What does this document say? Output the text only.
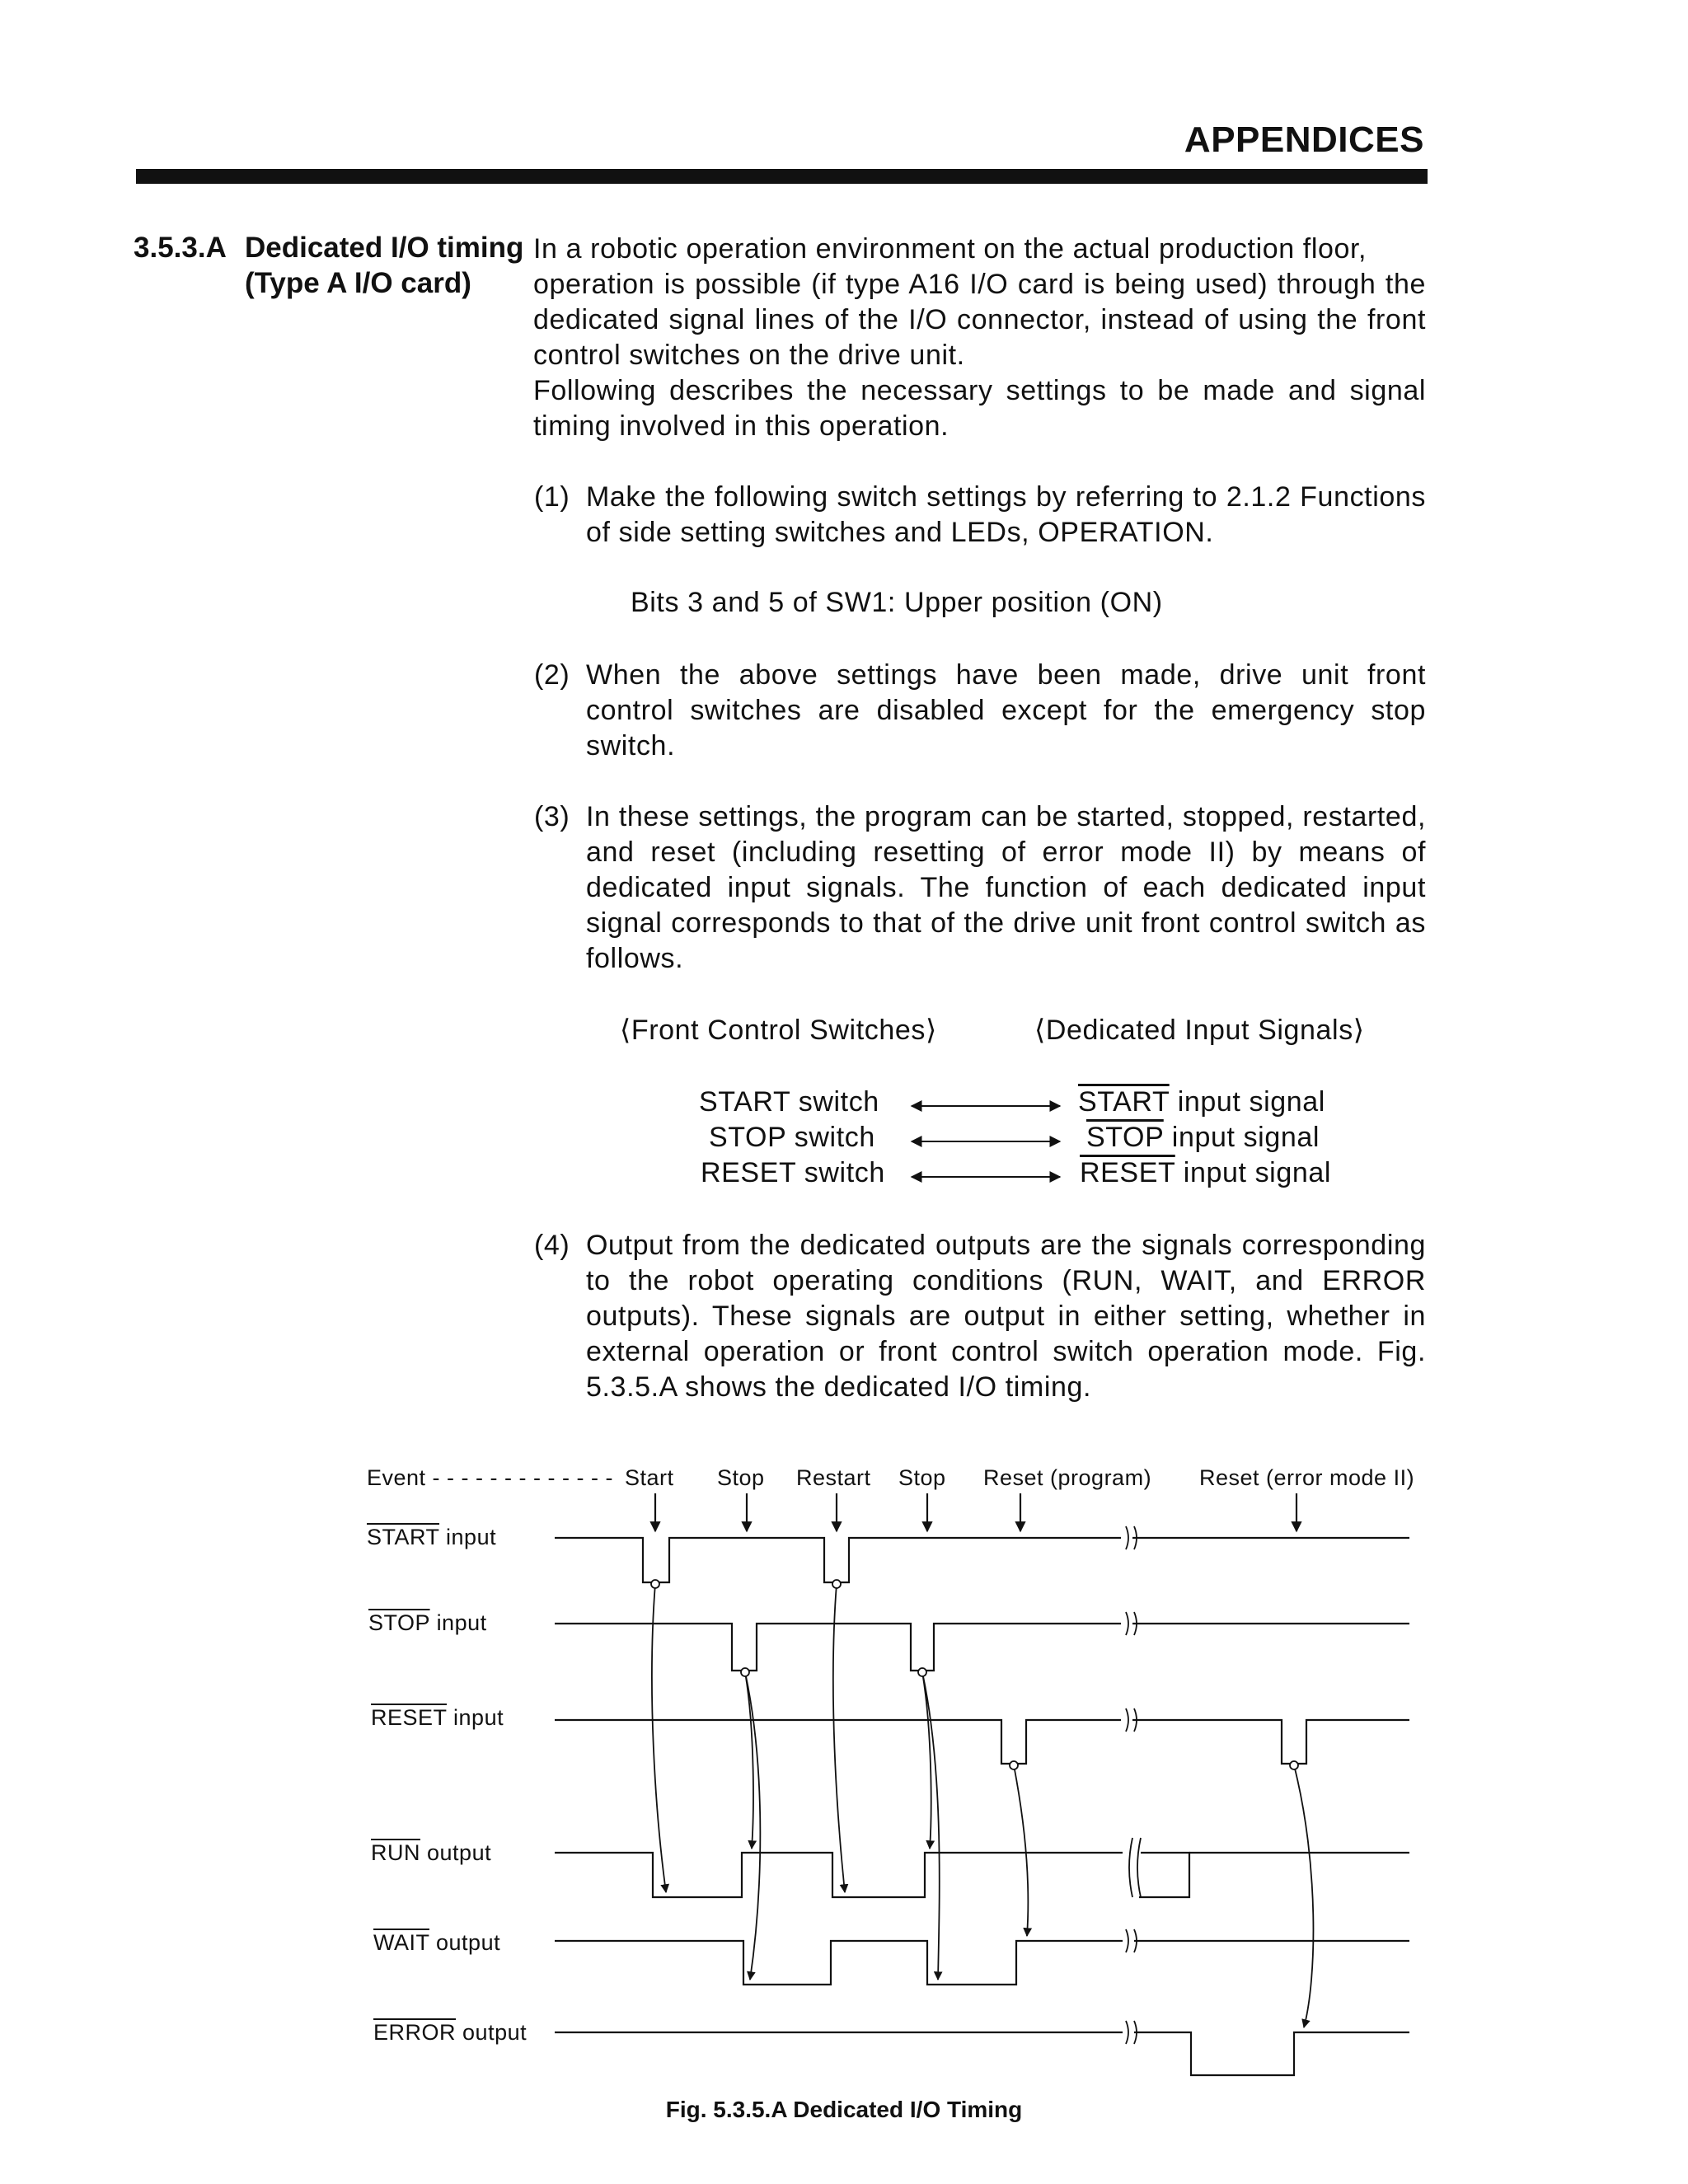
APPENDICES
3.5.3.A Dedicated I/O timing
(Type A I/O card)
In a robotic operation environment on the actual production floor,
operation is possible (if type A16 I/O card is being used) through the dedicated signal lines of the I/O connector, instead of using the front control switches on the drive unit.
Following describes the necessary settings to be made and signal timing involved in this operation.
(1) Make the following switch settings by referring to 2.1.2 Functions of side setting switches and LEDs, OPERATION.
Bits 3 and 5 of SW1: Upper position (ON)
(2) When the above settings have been made, drive unit front control switches are disabled except for the emergency stop switch.
(3) In these settings, the program can be started, stopped, restarted, and reset (including resetting of error mode II) by means of dedicated input signals. The function of each dedicated input signal corresponds to that of the drive unit front control switch as follows.
⟨Front Control Switches⟩	⟨Dedicated Input Signals⟩
START switch
STOP switch
RESET switch
START input signal
STOP input signal
RESET input signal
(4) Output from the dedicated outputs are the signals corresponding to the robot operating conditions (RUN, WAIT, and ERROR outputs). These signals are output in either setting, whether in external operation or front control switch operation mode. Fig. 5.3.5.A shows the dedicated I/O timing.
Event - - - - - - - - - - - - - Start Stop Restart Stop Reset (program) Reset (error mode II)
START input
STOP input
RESET input
$\overline{RUN}$ output
WAIT output
ERROR output
Fig. 5.3.5.A Dedicated I/O Timing
